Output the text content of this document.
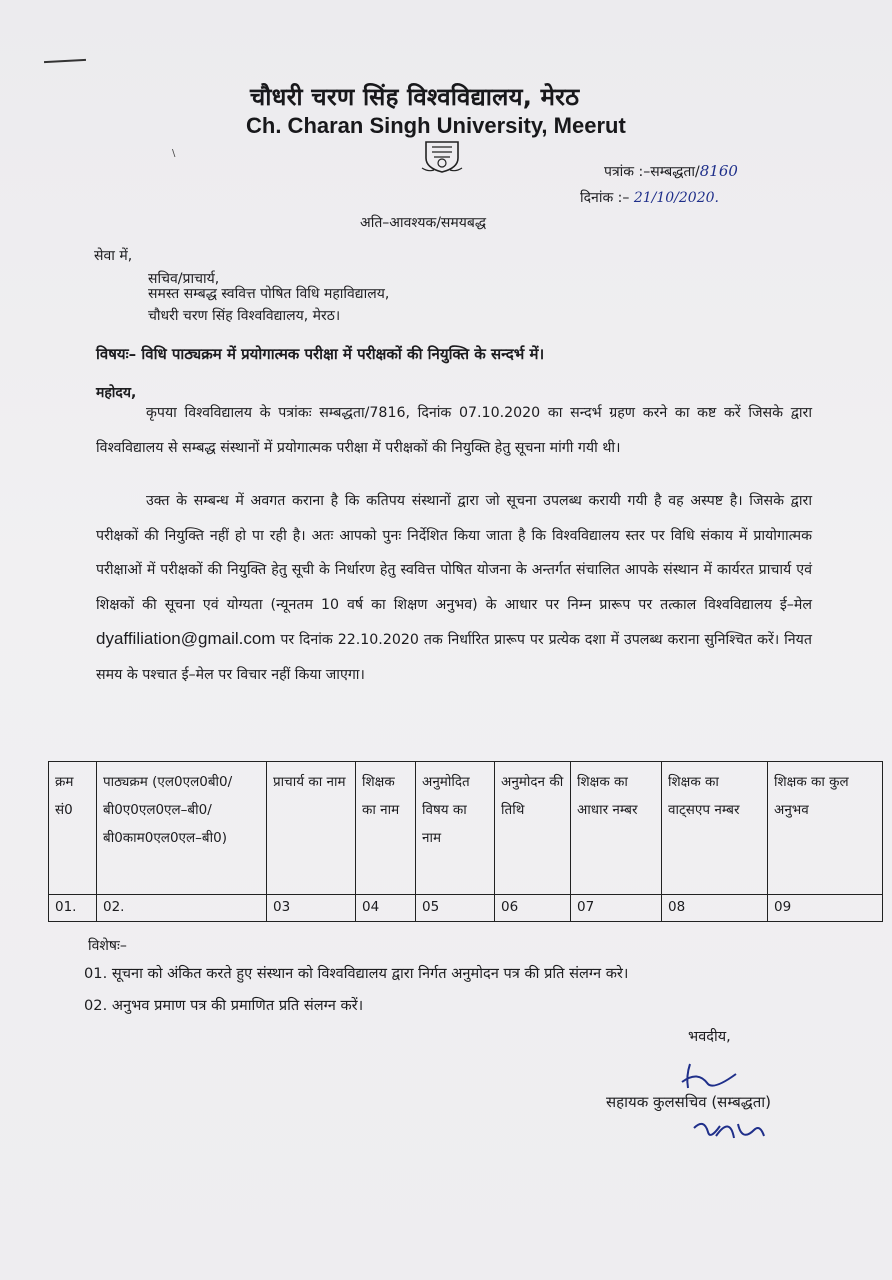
\
चौधरी चरण सिंह विश्वविद्यालय, मेरठ
Ch. Charan Singh University, Meerut
पत्रांक :–सम्बद्धता/8160
दिनांक :– 21/10/2020.
अति–आवश्यक/समयबद्ध
सेवा में,
सचिव/प्राचार्य,
समस्त सम्बद्ध स्ववित्त पोषित विधि महाविद्यालय,
चौधरी चरण सिंह विश्वविद्यालय, मेरठ।
विषयः– विधि पाठ्यक्रम में प्रयोगात्मक परीक्षा में परीक्षकों की नियुक्ति के सन्दर्भ में।
महोदय,

कृपया विश्वविद्यालय के पत्रांकः सम्बद्धता/7816, दिनांक 07.10.2020 का सन्दर्भ ग्रहण करने का कष्ट करें जिसके द्वारा विश्वविद्यालय से सम्बद्ध संस्थानों में प्रयोगात्मक परीक्षा में परीक्षकों की नियुक्ति हेतु सूचना मांगी गयी थी।

उक्त के सम्बन्ध में अवगत कराना है कि कतिपय संस्थानों द्वारा जो सूचना उपलब्ध करायी गयी है वह अस्पष्ट है। जिसके द्वारा परीक्षकों की नियुक्ति नहीं हो पा रही है। अतः आपको पुनः निर्देशित किया जाता है कि विश्वविद्यालय स्तर पर विधि संकाय में प्रायोगात्मक परीक्षाओं में परीक्षकों की नियुक्ति हेतु सूची के निर्धारण हेतु स्ववित्त पोषित योजना के अन्तर्गत संचालित आपके संस्थान में कार्यरत प्राचार्य एवं शिक्षकों की सूचना एवं योग्यता (न्यूनतम 10 वर्ष का शिक्षण अनुभव) के आधार पर निम्न प्रारूप पर तत्काल विश्वविद्यालय ई–मेल dyaffiliation@gmail.com पर दिनांक 22.10.2020 तक निर्धारित प्रारूप पर प्रत्येक दशा में उपलब्ध कराना सुनिश्चित करें। नियत समय के पश्चात ई–मेल पर विचार नहीं किया जाएगा।

क्रम सं0	पाठ्यक्रम (एल0एल0बी0/ बी0ए0एल0एल–बी0/ बी0काम0एल0एल–बी0)	प्राचार्य का नाम	शिक्षक का नाम	अनुमोदित विषय का नाम	अनुमोदन की तिथि	शिक्षक का आधार नम्बर	शिक्षक का वाट्सएप नम्बर	शिक्षक का कुल अनुभव
01.	02.	03	04	05	06	07	08	09
विशेषः–
01. सूचना को अंकित करते हुए संस्थान को विश्वविद्यालय द्वारा निर्गत अनुमोदन पत्र की प्रति संलग्न करे।
02. अनुभव प्रमाण पत्र की प्रमाणित प्रति संलग्न करें।
भवदीय,
सहायक कुलसचिव (सम्बद्धता)
